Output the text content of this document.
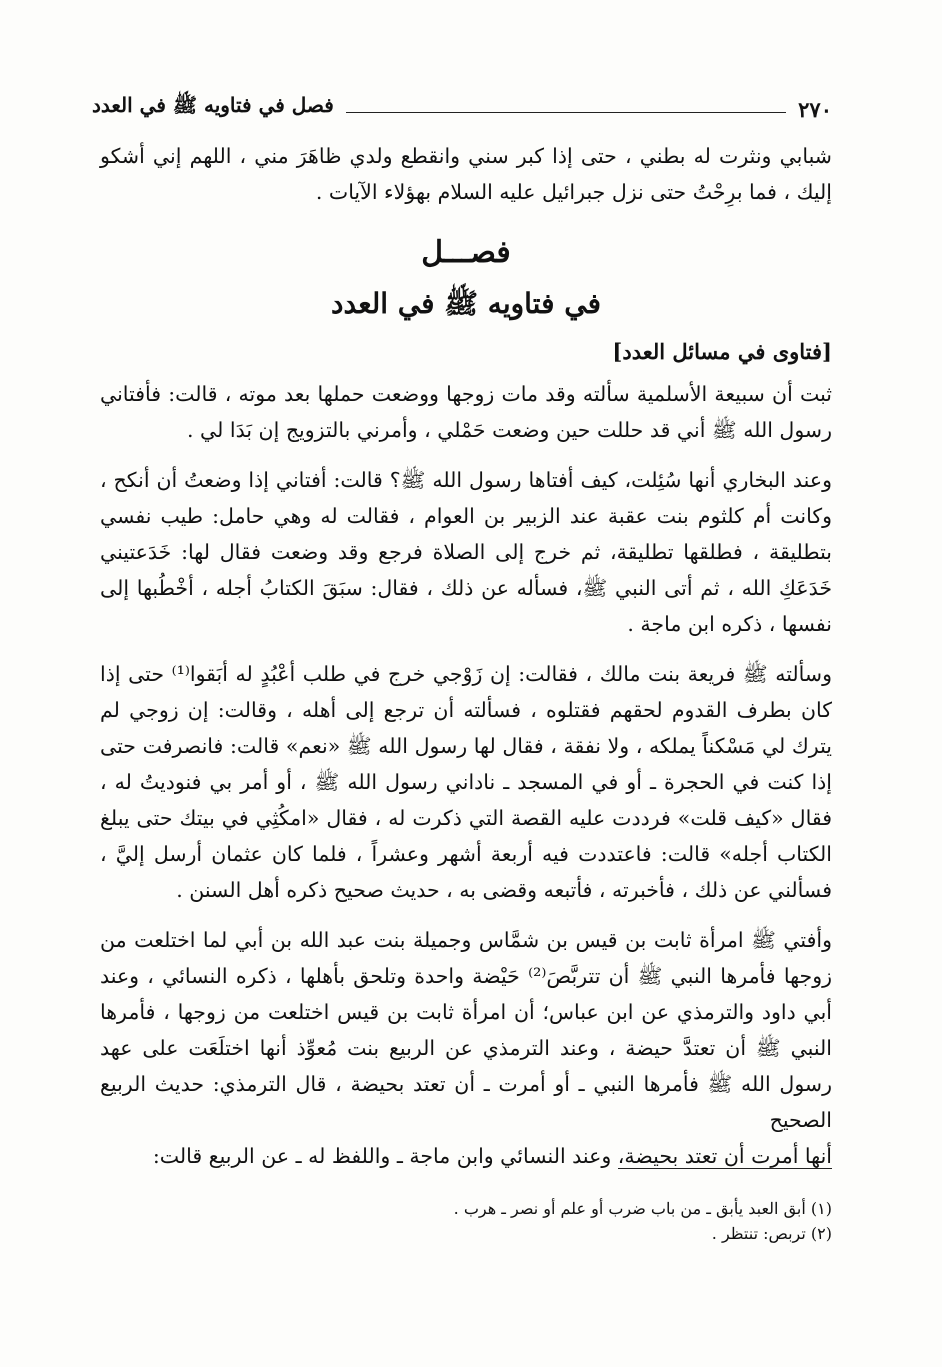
٢٧٠
فصل في فتاويه ﷺ في العدد

شبابي ونثرت له بطني ، حتى إذا كبر سني وانقطع ولدي ظاهَرَ مني ، اللهم إني أشكو إليك ، فما برِحْتُ حتى نزل جبرائيل عليه السلام بهؤلاء الآيات .

فصـــل
في فتاويه ﷺ في العدد
[فتاوى في مسائل العدد]

ثبت أن سبيعة الأسلمية سألته وقد مات زوجها ووضعت حملها بعد موته ، قالت: فأفتاني رسول الله ﷺ أني قد حللت حين وضعت حَمْلي ، وأمرني بالتزويج إن بَدَا لي .

وعند البخاري أنها سُئِلت، كيف أفتاها رسول الله ﷺ؟ قالت: أفتاني إذا وضعتُ أن أنكح ، وكانت أم كلثوم بنت عقبة عند الزبير بن العوام ، فقالت له وهي حامل: طيب نفسي بتطليقة ، فطلقها تطليقة، ثم خرج إلى الصلاة فرجع وقد وضعت فقال لها: خَدَعتيني خَدَعَكِ الله ، ثم أتى النبي ﷺ، فسأله عن ذلك ، فقال: سبَقَ الكتابُ أجله ، أخْطُبها إلى نفسها ، ذكره ابن ماجة .

وسألته ﷺ فريعة بنت مالك ، فقالت: إن زَوْجي خرج في طلب أعْبُدٍ له أبَقوا⁽¹⁾ حتى إذا كان بطرف القدوم لحقهم فقتلوه ، فسألته أن ترجع إلى أهله ، وقالت: إن زوجي لم يترك لي مَسْكناً يملكه ، ولا نفقة ، فقال لها رسول الله ﷺ «نعم» قالت: فانصرفت حتى إذا كنت في الحجرة ـ أو في المسجد ـ ناداني رسول الله ﷺ ، أو أمر بي فنوديتُ له ، فقال «كيف قلت» فرددت عليه القصة التي ذكرت له ، فقال «امكُثِي في بيتك حتى يبلغ الكتاب أجله» قالت: فاعتددت فيه أربعة أشهر وعشراً ، فلما كان عثمان أرسل إليَّ ، فسألني عن ذلك ، فأخبرته ، فأتبعه وقضى به ، حديث صحيح ذكره أهل السنن .

وأفتي ﷺ امرأة ثابت بن قيس بن شمَّاس وجميلة بنت عبد الله بن أبي لما اختلعت من زوجها فأمرها النبي ﷺ أن تتربَّصَ⁽²⁾ حَيْضة واحدة وتلحق بأهلها ، ذكره النسائي ، وعند أبي داود والترمذي عن ابن عباس؛ أن امرأة ثابت بن قيس اختلعت من زوجها ، فأمرها النبي ﷺ أن تعتدَّ حيضة ، وعند الترمذي عن الربيع بنت مُعوِّذ أنها اختلَعَت على عهد رسول الله ﷺ فأمرها النبي ـ أو أمرت ـ أن تعتد بحيضة ، قال الترمذي: حديث الربيع الصحيح
أنها أمرت أن تعتد بحيضة، وعند النسائي وابن ماجة ـ واللفظ له ـ عن الربيع قالت:

(١) أبق العبد يأبق ـ من باب ضرب أو علم أو نصر ـ هرب .

(٢) تربص: تنتظر .
